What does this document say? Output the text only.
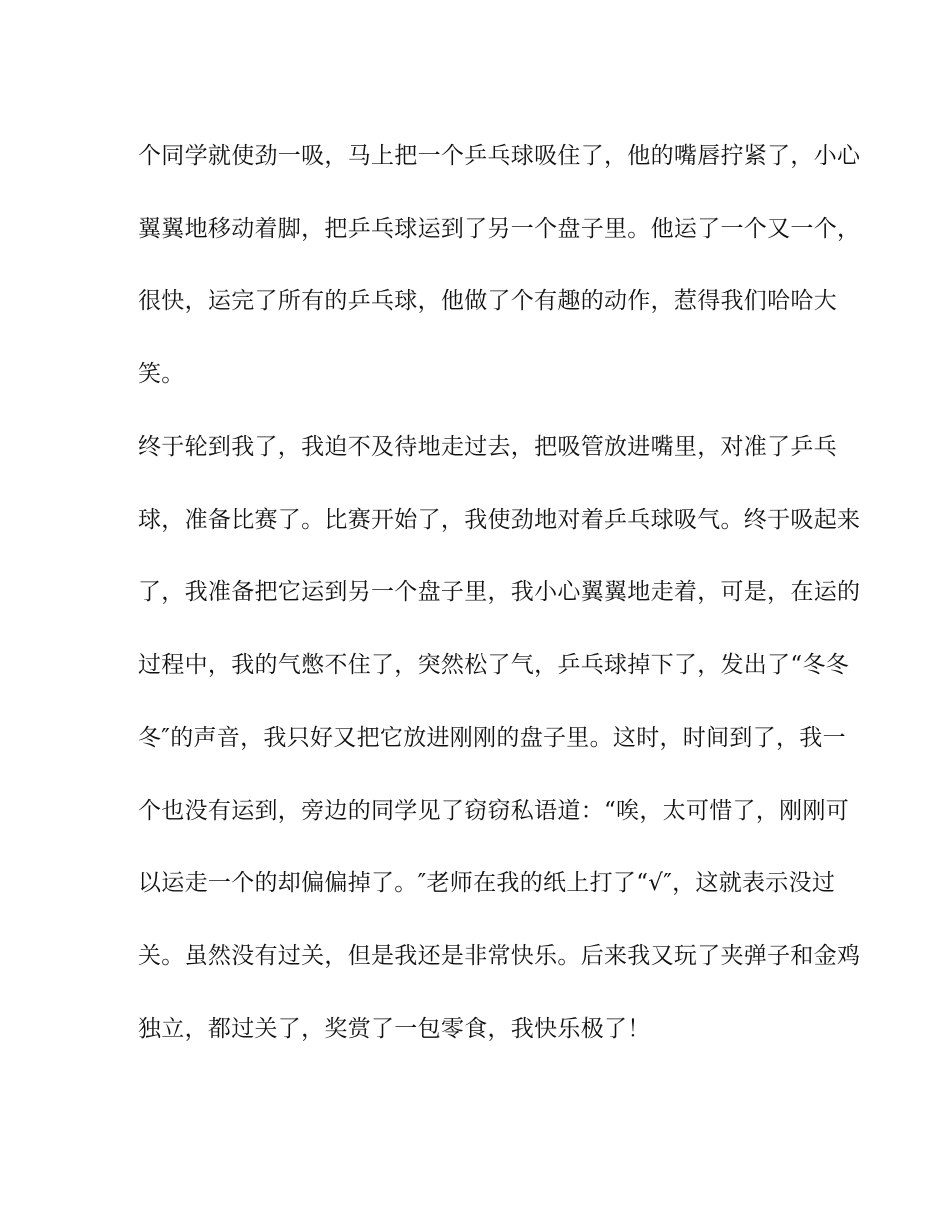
个同学就使劲一吸，马上把一个乒乓球吸住了，他的嘴唇拧紧了，小心
翼翼地移动着脚，把乒乓球运到了另一个盘子里。他运了一个又一个，
很快，运完了所有的乒乓球，他做了个有趣的动作，惹得我们哈哈大
笑。
终于轮到我了，我迫不及待地走过去，把吸管放进嘴里，对准了乒乓
球，准备比赛了。比赛开始了，我使劲地对着乒乓球吸气。终于吸起来
了，我准备把它运到另一个盘子里，我小心翼翼地走着，可是，在运的
过程中，我的气憋不住了，突然松了气，乒乓球掉下了，发出了“冬冬
冬″的声音，我只好又把它放进刚刚的盘子里。这时，时间到了，我一
个也没有运到，旁边的同学见了窃窃私语道：“唉，太可惜了，刚刚可
以运走一个的却偏偏掉了。″老师在我的纸上打了“√″，这就表示没过
关。虽然没有过关，但是我还是非常快乐。后来我又玩了夹弹子和金鸡
独立，都过关了，奖赏了一包零食，我快乐极了！
